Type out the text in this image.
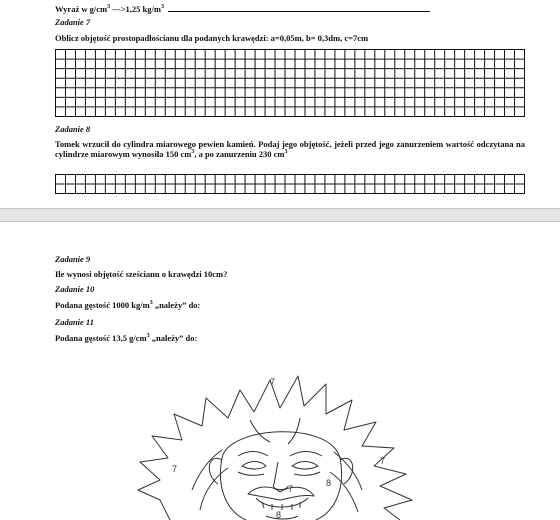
Wyraź w $g/cm^3$ --->1,25 $kg/m^3$
Zadanie 7
Oblicz objętość prostopadłościanu dla podanych krawędzi: a=0,05m, b= 0,3dm, c=7cm
Zadanie 8
Tomek wrzucił do cylindra miarowego pewien kamień. Podaj jego objętość, jeżeli przed jego zanurzeniem wartość odczytana na cylindrze miarowym wynosiła 150 $cm^3$, a po zanurzeniu 230 $cm^3$
Zadanie 9
Ile wynosi objętość sześcianu o krawędzi 10cm?
Zadanie 10
Podana gęstość 1000 $kg/m^3$ „należy” do:
Zadanie 11
Podana gęstość 13,5 $g/cm^3$ „należy” do:
7
7
8
7
7
8
